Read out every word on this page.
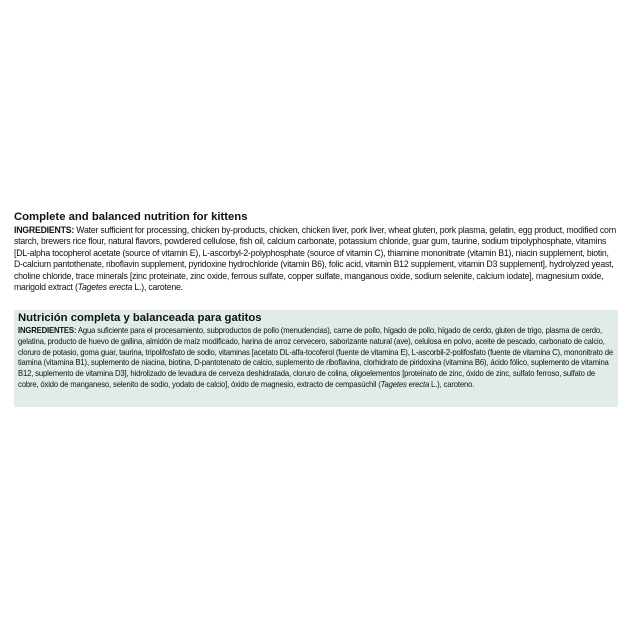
Complete and balanced nutrition for kittens

INGREDIENTS: Water sufficient for processing, chicken by-products, chicken, chicken liver, pork liver, wheat gluten, pork plasma, gelatin, egg product, modified corn starch, brewers rice flour, natural flavors, powdered cellulose, fish oil, calcium carbonate, potassium chloride, guar gum, taurine, sodium tripolyphosphate, vitamins [DL-alpha tocopherol acetate (source of vitamin E), L-ascorbyl-2-polyphosphate (source of vitamin C), thiamine mononitrate (vitamin B1), niacin supplement, biotin, D-calcium pantothenate, riboflavin supplement, pyridoxine hydrochloride (vitamin B6), folic acid, vitamin B12 supplement, vitamin D3 supplement], hydrolyzed yeast, choline chloride, trace minerals [zinc proteinate, zinc oxide, ferrous sulfate, copper sulfate, manganous oxide, sodium selenite, calcium iodate], magnesium oxide, marigold extract (Tagetes erecta L.), carotene.

Nutrición completa y balanceada para gatitos

INGREDIENTES: Agua suficiente para el procesamiento, subproductos de pollo (menudencias), carne de pollo, hígado de pollo, hígado de cerdo, gluten de trigo, plasma de cerdo, gelatina, producto de huevo de gallina, almidón de maíz modificado, harina de arroz cervecero, saborizante natural (ave), celulosa en polvo, aceite de pescado, carbonato de calcio, cloruro de potasio, goma guar, taurina, tripolifosfato de sodio, vitaminas [acetato DL-alfa-tocoferol (fuente de vitamina E), L-ascorbil-2-polifosfato (fuente de vitamina C), mononitrato de tiamina (vitamina B1), suplemento de niacina, biotina, D-pantotenato de calcio, suplemento de riboflavina, clorhidrato de piridoxina (vitamina B6), ácido fólico, suplemento de vitamina B12, suplemento de vitamina D3], hidrolizado de levadura de cerveza deshidratada, cloruro de colina, oligoelementos [proteinato de zinc, óxido de zinc, sulfato ferroso, sulfato de cobre, óxido de manganeso, selenito de sodio, yodato de calcio], óxido de magnesio, extracto de cempasúchil (Tagetes erecta L.), caroteno.
